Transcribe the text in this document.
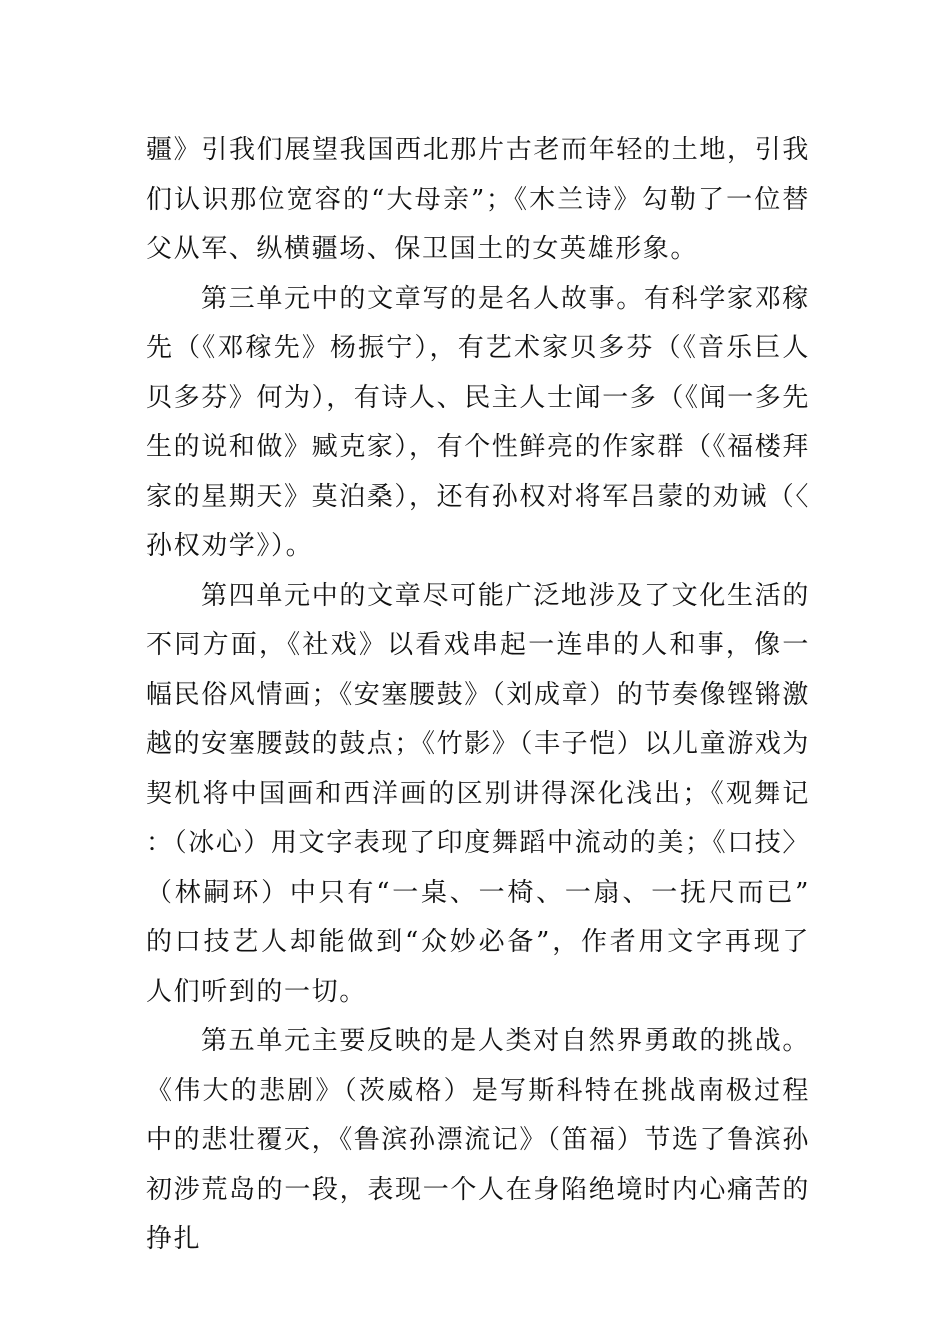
疆》引我们展望我国西北那片古老而年轻的土地，引我们认识那位宽容的“大母亲”；《木兰诗》勾勒了一位替父从军、纵横疆场、保卫国土的女英雄形象。

第三单元中的文章写的是名人故事。有科学家邓稼先（《邓稼先》杨振宁），有艺术家贝多芬（《音乐巨人贝多芬》何为），有诗人、民主人士闻一多（《闻一多先生的说和做》臧克家），有个性鲜亮的作家群（《福楼拜家的星期天》莫泊桑），还有孙权对将军吕蒙的劝诫（〈孙权劝学》）。

第四单元中的文章尽可能广泛地涉及了文化生活的不同方面，《社戏》以看戏串起一连串的人和事，像一幅民俗风情画；《安塞腰鼓》（刘成章）的节奏像铿锵激越的安塞腰鼓的鼓点；《竹影》（丰子恺）以儿童游戏为契机将中国画和西洋画的区别讲得深化浅出；《观舞记：（冰心）用文字表现了印度舞蹈中流动的美；《口技〉（林嗣环）中只有“一桌、一椅、一扇、一抚尺而已”的口技艺人却能做到“众妙必备”，作者用文字再现了人们听到的一切。

第五单元主要反映的是人类对自然界勇敢的挑战。《伟大的悲剧》（茨威格）是写斯科特在挑战南极过程中的悲壮覆灭，《鲁滨孙漂流记》（笛福）节选了鲁滨孙初涉荒岛的一段，表现一个人在身陷绝境时内心痛苦的挣扎
